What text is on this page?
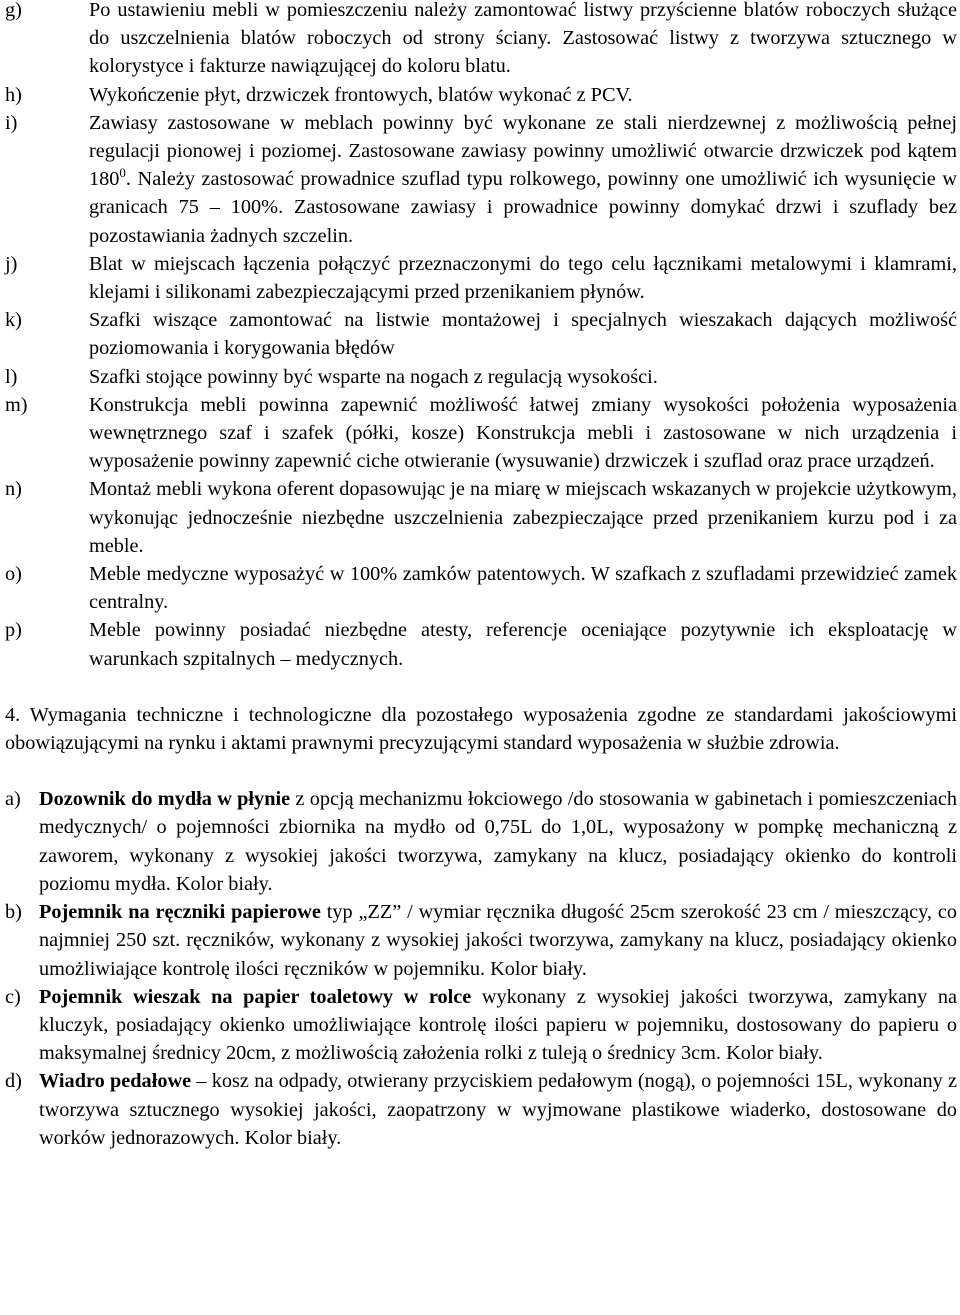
g)	Po ustawieniu mebli w pomieszczeniu należy zamontować listwy przyścienne blatów roboczych służące do uszczelnienia blatów roboczych od strony ściany. Zastosować listwy z tworzywa sztucznego w kolorystyce i fakturze nawiązującej do koloru blatu.
h)	Wykończenie płyt, drzwiczek frontowych, blatów wykonać z PCV.
i)	Zawiasy zastosowane w meblach powinny być wykonane ze stali nierdzewnej z możliwością pełnej regulacji pionowej i poziomej. Zastosowane zawiasy powinny umożliwić otwarcie drzwiczek pod kątem $180^0$. Należy zastosować prowadnice szuflad typu rolkowego, powinny one umożliwić ich wysunięcie w granicach 75 – 100%. Zastosowane zawiasy i prowadnice powinny domykać drzwi i szuflady bez pozostawiania żadnych szczelin.
j)	Blat w miejscach łączenia połączyć przeznaczonymi do tego celu łącznikami metalowymi i klamrami, klejami i silikonami zabezpieczającymi przed przenikaniem płynów.
k)	Szafki wiszące zamontować na listwie montażowej i specjalnych wieszakach dających możliwość poziomowania i korygowania błędów
l)	Szafki stojące powinny być wsparte na nogach z regulacją wysokości.
m)	Konstrukcja mebli powinna zapewnić możliwość łatwej zmiany wysokości położenia wyposażenia wewnętrznego szaf i szafek (półki, kosze) Konstrukcja mebli i zastosowane w nich urządzenia i wyposażenie powinny zapewnić ciche otwieranie (wysuwanie) drzwiczek i szuflad oraz prace urządzeń.
n)	Montaż mebli wykona oferent dopasowując je na miarę w miejscach wskazanych w projekcie użytkowym, wykonując jednocześnie niezbędne uszczelnienia zabezpieczające przed przenikaniem kurzu pod i za meble.
o)	Meble medyczne wyposażyć w 100% zamków patentowych. W szafkach z szufladami przewidzieć zamek centralny.
p)	Meble powinny posiadać niezbędne atesty, referencje oceniające pozytywnie ich eksploatację w warunkach szpitalnych – medycznych.
4. Wymagania techniczne i technologiczne dla pozostałego wyposażenia zgodne ze standardami jakościowymi obowiązującymi na rynku i aktami prawnymi precyzującymi standard wyposażenia w służbie zdrowia.
a) Dozownik do mydła w płynie z opcją mechanizmu łokciowego /do stosowania w gabinetach i pomieszczeniach medycznych/ o pojemności zbiornika na mydło od 0,75L do 1,0L, wyposażony w pompkę mechaniczną z zaworem, wykonany z wysokiej jakości tworzywa, zamykany na klucz, posiadający okienko do kontroli poziomu mydła. Kolor biały.
b) Pojemnik na ręczniki papierowe typ „ZZ” / wymiar ręcznika długość 25cm szerokość 23 cm / mieszczący, co najmniej 250 szt. ręczników, wykonany z wysokiej jakości tworzywa, zamykany na klucz, posiadający okienko umożliwiające kontrolę ilości ręczników w pojemniku. Kolor biały.
c) Pojemnik wieszak na papier toaletowy w rolce wykonany z wysokiej jakości tworzywa, zamykany na kluczyk, posiadający okienko umożliwiające kontrolę ilości papieru w pojemniku, dostosowany do papieru o maksymalnej średnicy 20cm, z możliwością założenia rolki z tuleją o średnicy 3cm. Kolor biały.
d) Wiadro pedałowe – kosz na odpady, otwierany przyciskiem pedałowym (nogą), o pojemności 15L, wykonany z tworzywa sztucznego wysokiej jakości, zaopatrzony w wyjmowane plastikowe wiaderko, dostosowane do worków jednorazowych. Kolor biały.
